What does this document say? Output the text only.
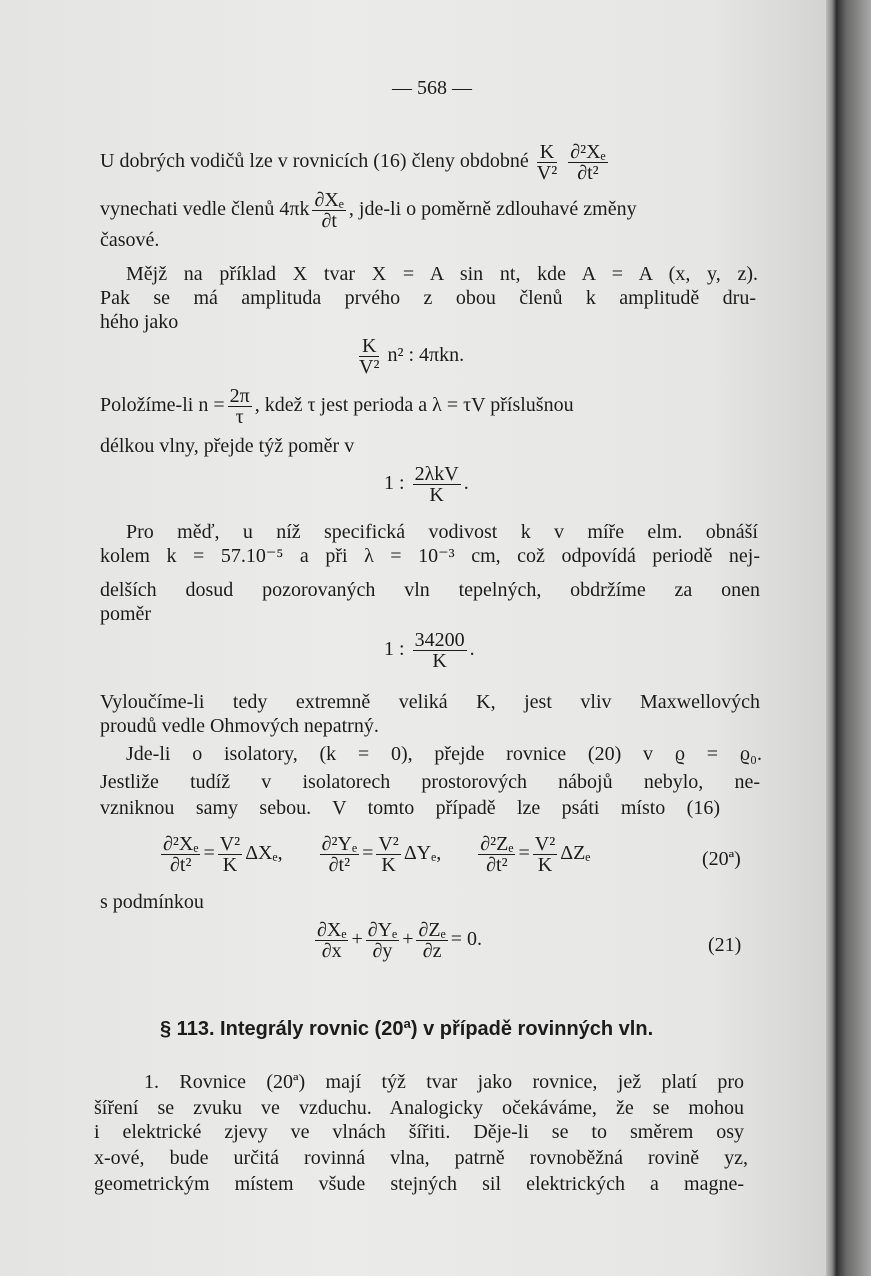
— 568 —
U dobrých vodičů lze v rovnicích (16) členy obdobné $\frac{K}{\text{V²}}$
$\frac{\text{∂²Xₑ}}{\text{∂t²}}$
vynechati vedle členů $4\pi k \frac{\text{∂Xₑ}}{\partial t}$ , jde-li o poměrně zdlouhavé změny
časové.
Mějž na příklad X tvar X = A sin nt, kde A = A (x, y, z).
Pak se má amplituda prvého z obou členů k amplitudě dru-
hého jako
$\frac{K}{\text{V²}} n^2$ : 4πkn.
Položíme-li $n = \frac{2\pi}{\tau}$ , kdež τ jest perioda a λ = τV příslušnou
délkou vlny, přejde týž poměr v
1 : $\frac{\text{2λkV}}{K}$ .
Pro měď, u níž specifická vodivost k v míře elm. obnáší
kolem k = 57.10⁻⁵ a při λ = 10⁻³ cm, což odpovídá periodě nej-
delších dosud pozorovaných vln tepelných, obdržíme za onen
poměr
1 : $\frac{34200}{K}$ .
Vyloučíme-li tedy extremně veliká K, jest vliv Maxwellových
proudů vedle Ohmových nepatrný.
Jde-li o isolatory, (k = 0), přejde rovnice (20) v ϱ = ϱ₀.
Jestliže tudíž v isolatorech prostorových nábojů nebylo, ne-
vzniknou samy sebou. V tomto případě lze psáti místo (16)
$\frac{\text{∂²Xₑ}}{\text{∂t²}} = \frac{\text{V²}}{K} \Delta X_e$, $\frac{\text{∂²Yₑ}}{\text{∂t²}} = \frac{\text{V²}}{K} \Delta Y_e$, $\frac{\text{∂²Zₑ}}{\text{∂t²}} = \frac{\text{V²}}{K}$ ΔZₑ	(20ª)
s podmínkou
$\frac{\text{∂Xₑ}}{\partial x} + \frac{\text{∂Yₑ}}{\partial y} + \frac{\text{∂Zₑ}}{\partial z} = 0$.	(21)
§ 113. Integrály rovnic (20ª) v případě rovinných vln.
1. Rovnice (20ª) mají týž tvar jako rovnice, jež platí pro
šíření se zvuku ve vzduchu. Analogicky očekáváme, že se mohou
i elektrické zjevy ve vlnách šířiti. Děje-li se to směrem osy
x-ové, bude určitá rovinná vlna, patrně rovnoběžná rovině yz,
geometrickým místem všude stejných sil elektrických a magne-
